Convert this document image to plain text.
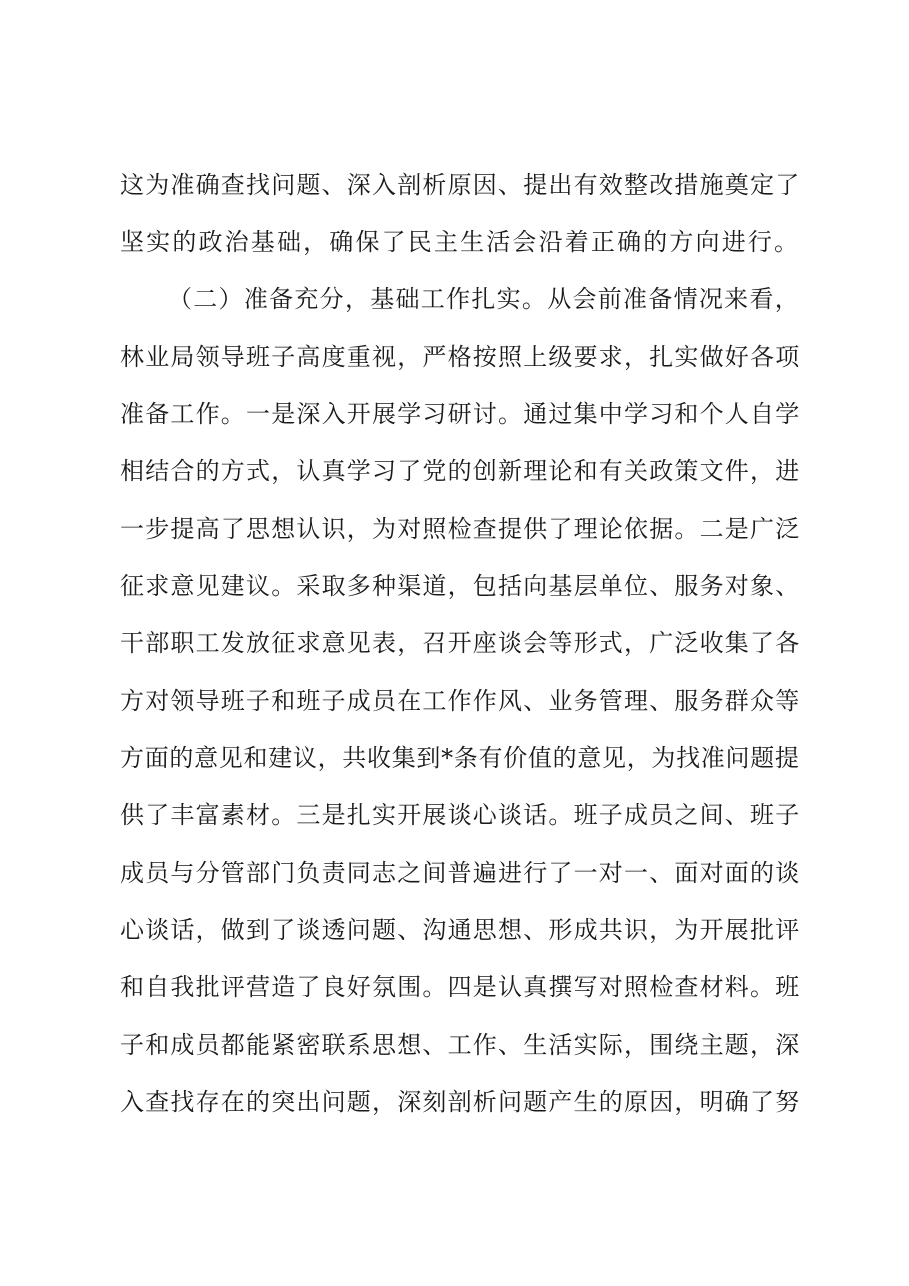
这为准确查找问题、深入剖析原因、提出有效整改措施奠定了
坚实的政治基础，确保了民主生活会沿着正确的方向进行。
（二）准备充分，基础工作扎实。从会前准备情况来看，
林业局领导班子高度重视，严格按照上级要求，扎实做好各项
准备工作。一是深入开展学习研讨。通过集中学习和个人自学
相结合的方式，认真学习了党的创新理论和有关政策文件，进
一步提高了思想认识，为对照检查提供了理论依据。二是广泛
征求意见建议。采取多种渠道，包括向基层单位、服务对象、
干部职工发放征求意见表，召开座谈会等形式，广泛收集了各
方对领导班子和班子成员在工作作风、业务管理、服务群众等
方面的意见和建议，共收集到*条有价值的意见，为找准问题提
供了丰富素材。三是扎实开展谈心谈话。班子成员之间、班子
成员与分管部门负责同志之间普遍进行了一对一、面对面的谈
心谈话，做到了谈透问题、沟通思想、形成共识，为开展批评
和自我批评营造了良好氛围。四是认真撰写对照检查材料。班
子和成员都能紧密联系思想、工作、生活实际，围绕主题，深
入查找存在的突出问题，深刻剖析问题产生的原因，明确了努
